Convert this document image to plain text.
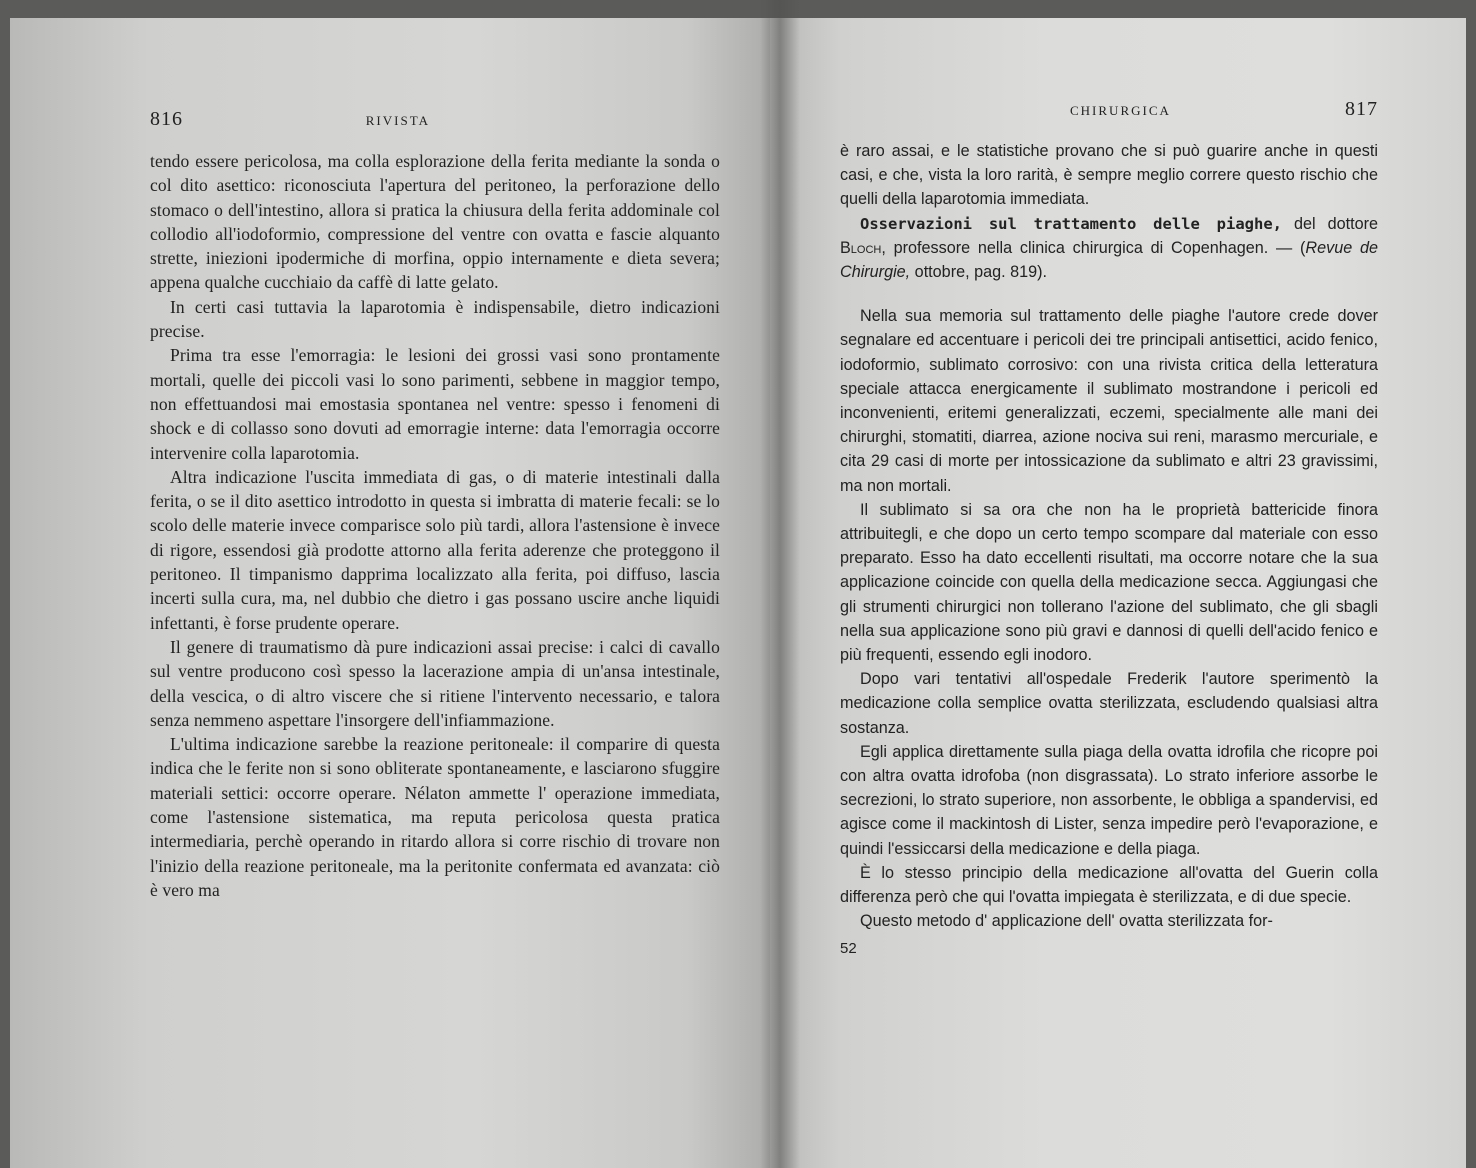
816	RIVISTA

tendo essere pericolosa, ma colla esplorazione della ferita mediante la sonda o col dito asettico: riconosciuta l'apertura del peritoneo, la perforazione dello stomaco o dell'intestino, allora si pratica la chiusura della ferita addominale col collodio all'iodoformio, compressione del ventre con ovatta e fascie alquanto strette, iniezioni ipodermiche di morfina, oppio internamente e dieta severa; appena qualche cucchiaio da caffè di latte gelato.

In certi casi tuttavia la laparotomia è indispensabile, dietro indicazioni precise.

Prima tra esse l'emorragia: le lesioni dei grossi vasi sono prontamente mortali, quelle dei piccoli vasi lo sono parimenti, sebbene in maggior tempo, non effettuandosi mai emostasia spontanea nel ventre: spesso i fenomeni di shock e di collasso sono dovuti ad emorragie interne: data l'emorragia occorre intervenire colla laparotomia.

Altra indicazione l'uscita immediata di gas, o di materie intestinali dalla ferita, o se il dito asettico introdotto in questa si imbratta di materie fecali: se lo scolo delle materie invece comparisce solo più tardi, allora l'astensione è invece di rigore, essendosi già prodotte attorno alla ferita aderenze che proteggono il peritoneo. Il timpanismo dapprima localizzato alla ferita, poi diffuso, lascia incerti sulla cura, ma, nel dubbio che dietro i gas possano uscire anche liquidi infettanti, è forse prudente operare.

Il genere di traumatismo dà pure indicazioni assai precise: i calci di cavallo sul ventre producono così spesso la lacerazione ampia di un'ansa intestinale, della vescica, o di altro viscere che si ritiene l'intervento necessario, e talora senza nemmeno aspettare l'insorgere dell'infiammazione.

L'ultima indicazione sarebbe la reazione peritoneale: il comparire di questa indica che le ferite non si sono obliterate spontaneamente, e lasciarono sfuggire materiali settici: occorre operare. Nélaton ammette l' operazione immediata, come l'astensione sistematica, ma reputa pericolosa questa pratica intermediaria, perchè operando in ritardo allora si corre rischio di trovare non l'inizio della reazione peritoneale, ma la peritonite confermata ed avanzata: ciò è vero ma

CHIRURGICA	817

è raro assai, e le statistiche provano che si può guarire anche in questi casi, e che, vista la loro rarità, è sempre meglio correre questo rischio che quelli della laparotomia immediata.

Osservazioni sul trattamento delle piaghe, del dottore Bloch, professore nella clinica chirurgica di Copenhagen. — (Revue de Chirurgie, ottobre, pag. 819).

Nella sua memoria sul trattamento delle piaghe l'autore crede dover segnalare ed accentuare i pericoli dei tre principali antisettici, acido fenico, iodoformio, sublimato corrosivo: con una rivista critica della letteratura speciale attacca energicamente il sublimato mostrandone i pericoli ed inconvenienti, eritemi generalizzati, eczemi, specialmente alle mani dei chirurghi, stomatiti, diarrea, azione nociva sui reni, marasmo mercuriale, e cita 29 casi di morte per intossicazione da sublimato e altri 23 gravissimi, ma non mortali.

Il sublimato si sa ora che non ha le proprietà battericide finora attribuitegli, e che dopo un certo tempo scompare dal materiale con esso preparato. Esso ha dato eccellenti risultati, ma occorre notare che la sua applicazione coincide con quella della medicazione secca. Aggiungasi che gli strumenti chirurgici non tollerano l'azione del sublimato, che gli sbagli nella sua applicazione sono più gravi e dannosi di quelli dell'acido fenico e più frequenti, essendo egli inodoro.

Dopo vari tentativi all'ospedale Frederik l'autore sperimentò la medicazione colla semplice ovatta sterilizzata, escludendo qualsiasi altra sostanza.

Egli applica direttamente sulla piaga della ovatta idrofila che ricopre poi con altra ovatta idrofoba (non disgrassata). Lo strato inferiore assorbe le secrezioni, lo strato superiore, non assorbente, le obbliga a spandervisi, ed agisce come il mackintosh di Lister, senza impedire però l'evaporazione, e quindi l'essiccarsi della medicazione e della piaga.

È lo stesso principio della medicazione all'ovatta del Guerin colla differenza però che qui l'ovatta impiegata è sterilizzata, e di due specie.

Questo metodo d' applicazione dell' ovatta sterilizzata for-

52
